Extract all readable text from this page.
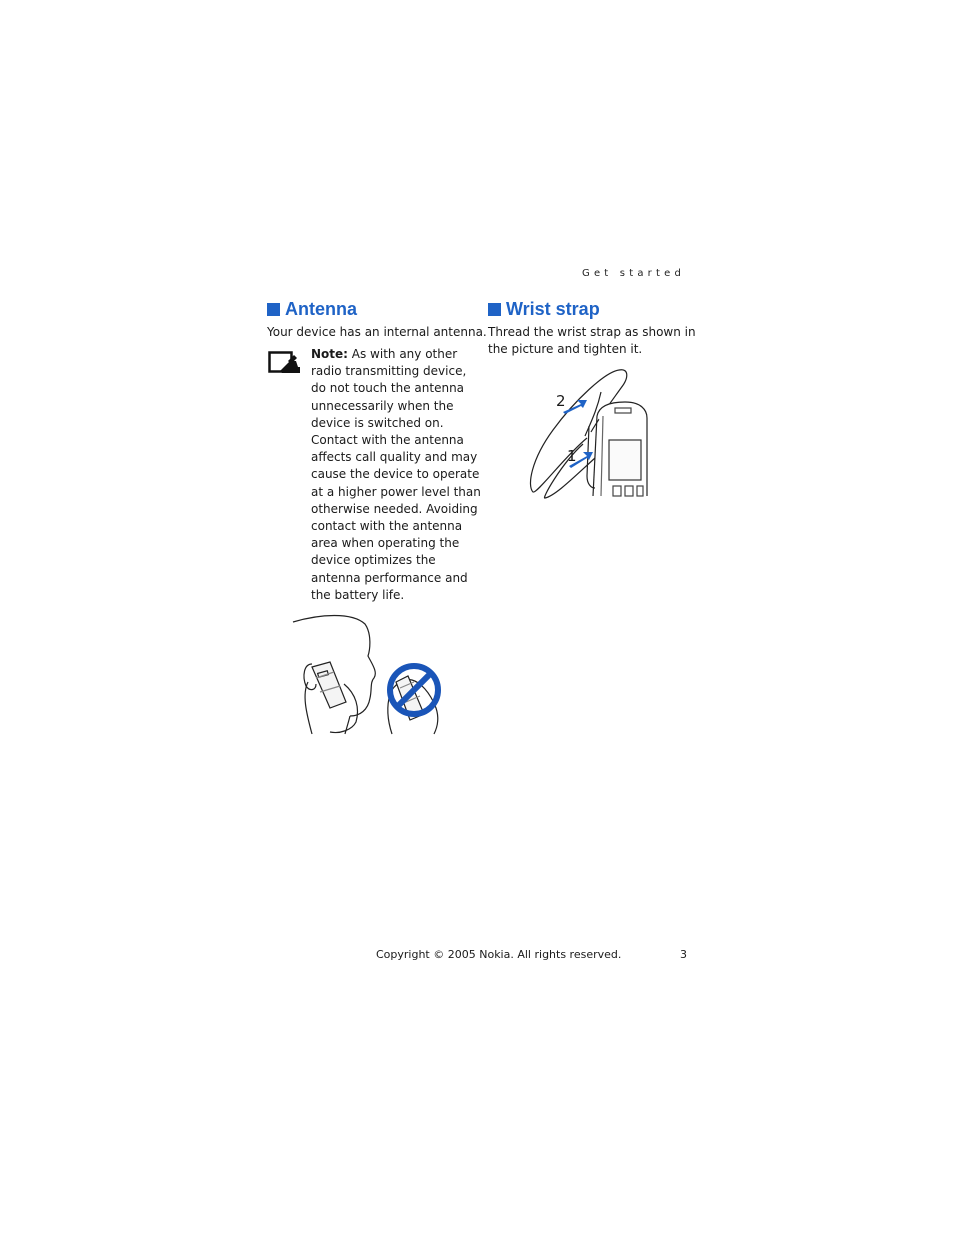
Get started
Antenna
Your device has an internal antenna.
Note: As with any other
radio transmitting device,
do not touch the antenna
unnecessarily when the
device is switched on.
Contact with the antenna
affects call quality and may
cause the device to operate
at a higher power level than
otherwise needed. Avoiding
contact with the antenna
area when operating the
device optimizes the
antenna performance and
the battery life.
Wrist strap
Thread the wrist strap as shown in
the picture and tighten it.
2
1
Copyright © 2005 Nokia. All rights reserved.	3
